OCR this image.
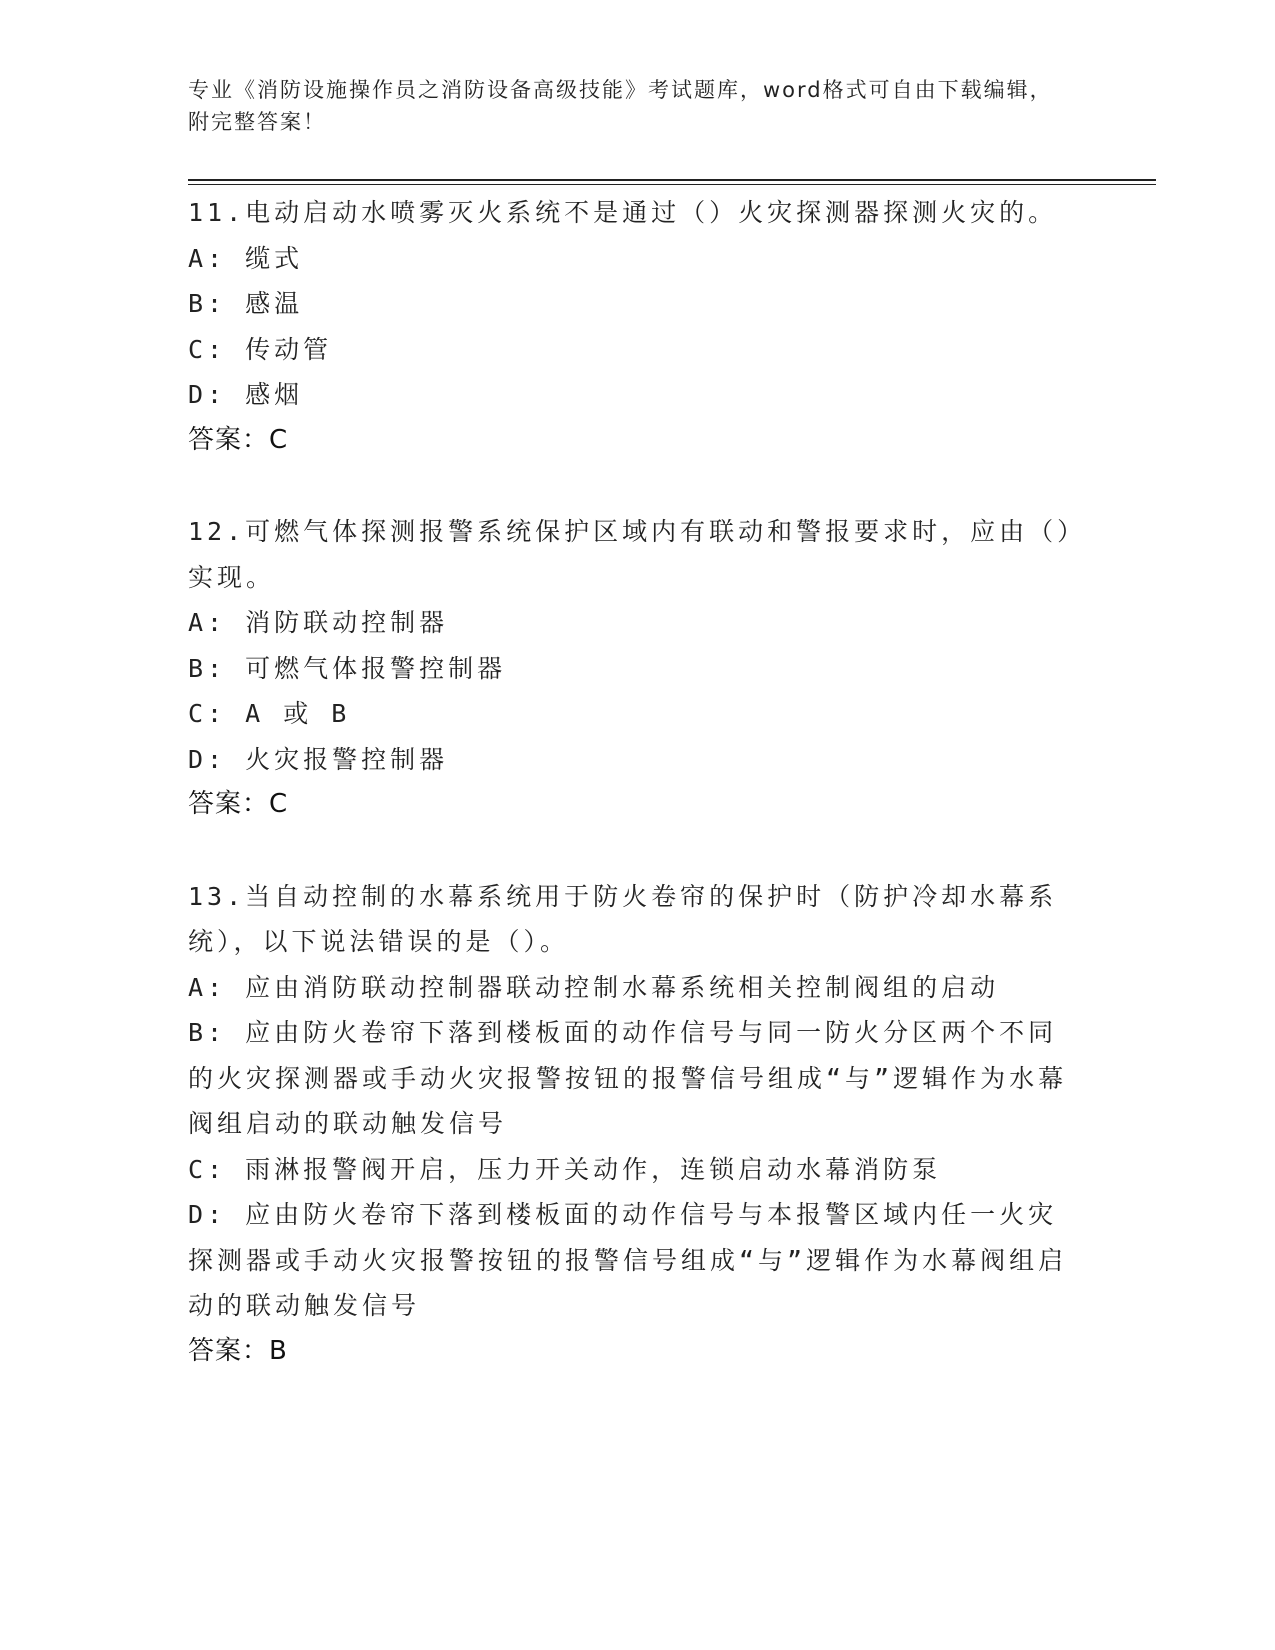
专业《消防设施操作员之消防设备高级技能》考试题库，word格式可自由下载编辑，附完整答案！
11.电动启动水喷雾灭火系统不是通过（）火灾探测器探测火灾的。
A: 缆式
B: 感温
C: 传动管
D: 感烟
答案：C
12.可燃气体探测报警系统保护区域内有联动和警报要求时，应由（）实现。
A: 消防联动控制器
B: 可燃气体报警控制器
C: A 或 B
D: 火灾报警控制器
答案：C
13.当自动控制的水幕系统用于防火卷帘的保护时（防护冷却水幕系统），以下说法错误的是（）。
A: 应由消防联动控制器联动控制水幕系统相关控制阀组的启动
B: 应由防火卷帘下落到楼板面的动作信号与同一防火分区两个不同的火灾探测器或手动火灾报警按钮的报警信号组成“与”逻辑作为水幕阀组启动的联动触发信号
C: 雨淋报警阀开启，压力开关动作，连锁启动水幕消防泵
D: 应由防火卷帘下落到楼板面的动作信号与本报警区域内任一火灾探测器或手动火灾报警按钮的报警信号组成“与”逻辑作为水幕阀组启动的联动触发信号
答案：B
